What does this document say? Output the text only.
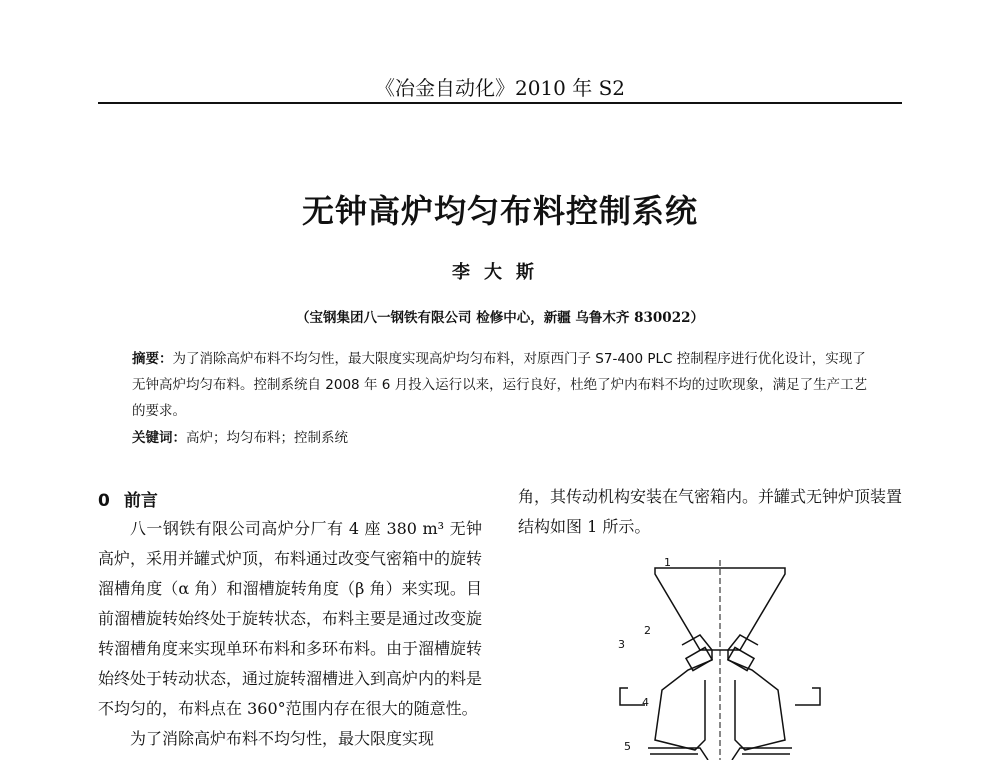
《冶金自动化》2010 年 S2
无钟高炉均匀布料控制系统
李大斯
（宝钢集团八一钢铁有限公司 检修中心，新疆 乌鲁木齐 830022）
摘要：为了消除高炉布料不均匀性，最大限度实现高炉均匀布料，对原西门子 S7-400 PLC 控制程序进行优化设计，实现了无钟高炉均匀布料。控制系统自 2008 年 6 月投入运行以来，运行良好，杜绝了炉内布料不均的过吹现象，满足了生产工艺的要求。
关键词：高炉；均匀布料；控制系统
0 前言

八一钢铁有限公司高炉分厂有 4 座 380 m³ 无钟高炉，采用并罐式炉顶，布料通过改变气密箱中的旋转溜槽角度（α 角）和溜槽旋转角度（β 角）来实现。目前溜槽旋转始终处于旋转状态，布料主要是通过改变旋转溜槽角度来实现单环布料和多环布料。由于溜槽旋转始终处于转动状态，通过旋转溜槽进入到高炉内的料是不均匀的，布料点在 360°范围内存在很大的随意性。

为了消除高炉布料不均匀性，最大限度实现

角，其传动机构安装在气密箱内。并罐式无钟炉顶装置结构如图 1 所示。
1
2
3
4
5
